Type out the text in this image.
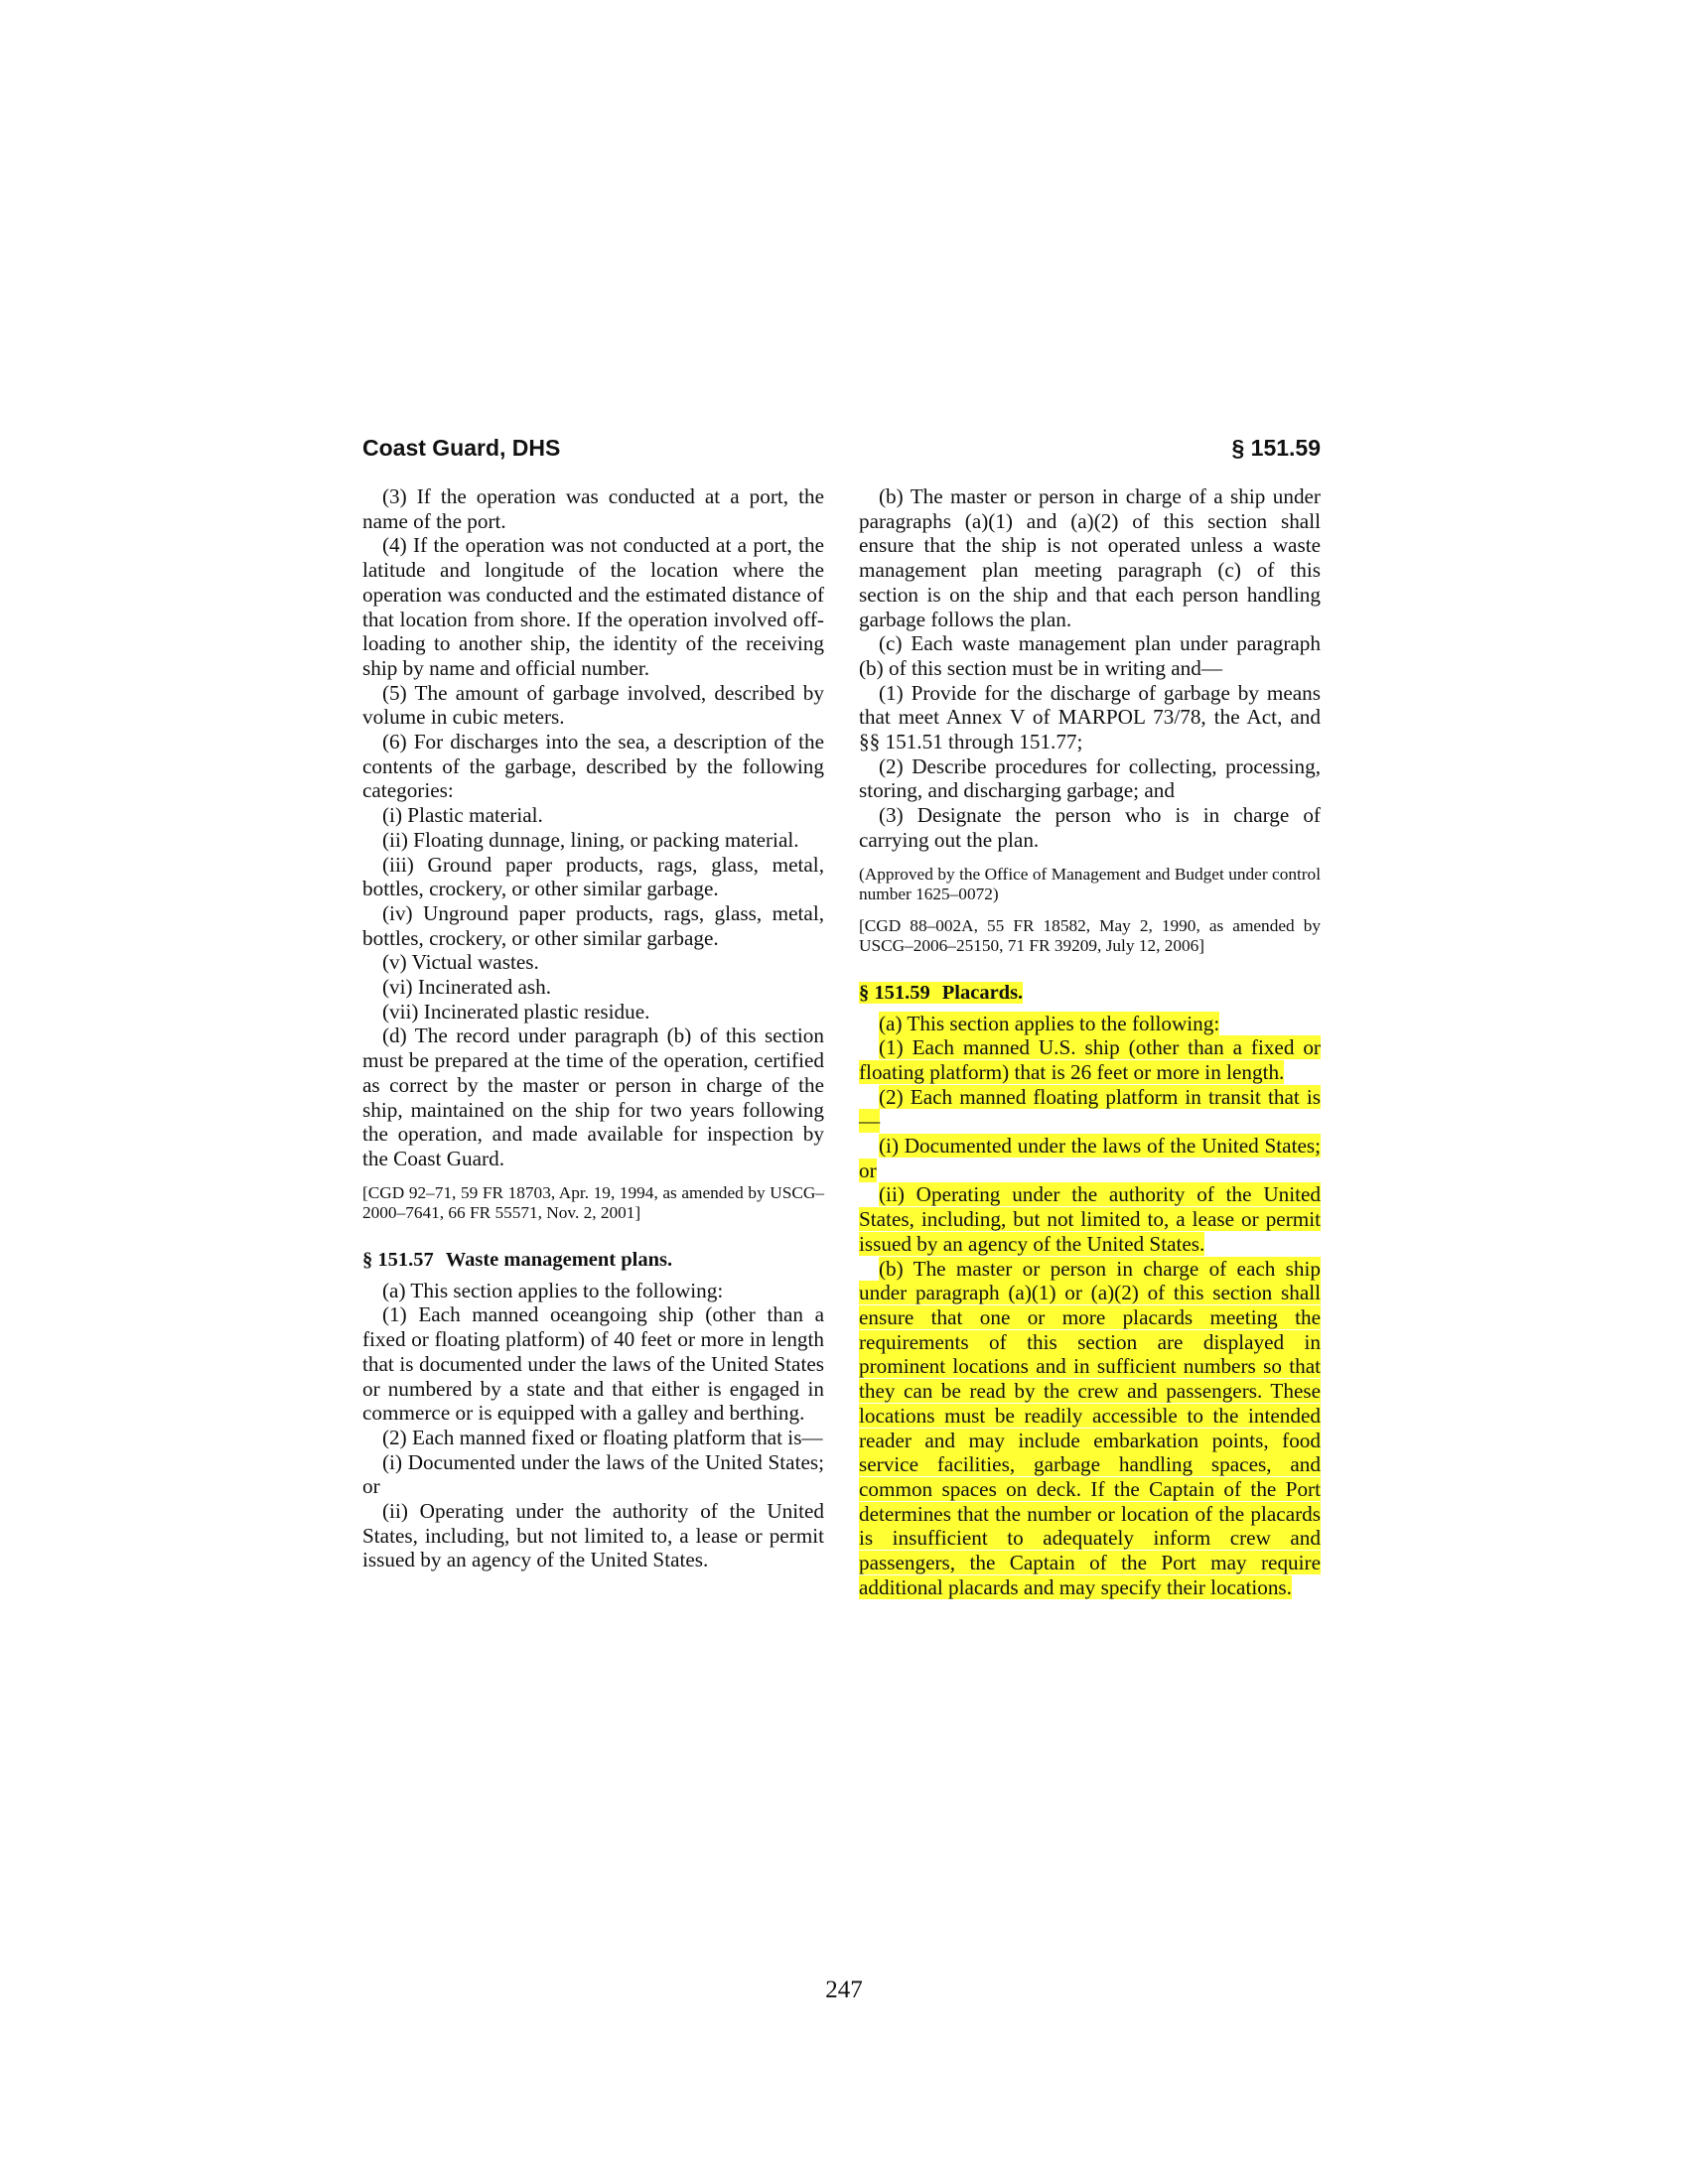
Coast Guard, DHS	§ 151.59

(3) If the operation was conducted at a port, the name of the port.

(4) If the operation was not conducted at a port, the latitude and longitude of the location where the operation was conducted and the estimated distance of that location from shore. If the operation involved off-loading to another ship, the identity of the receiving ship by name and official number.

(5) The amount of garbage involved, described by volume in cubic meters.

(6) For discharges into the sea, a description of the contents of the garbage, described by the following categories:

(i) Plastic material.

(ii) Floating dunnage, lining, or packing material.

(iii) Ground paper products, rags, glass, metal, bottles, crockery, or other similar garbage.

(iv) Unground paper products, rags, glass, metal, bottles, crockery, or other similar garbage.

(v) Victual wastes.

(vi) Incinerated ash.

(vii) Incinerated plastic residue.

(d) The record under paragraph (b) of this section must be prepared at the time of the operation, certified as correct by the master or person in charge of the ship, maintained on the ship for two years following the operation, and made available for inspection by the Coast Guard.

[CGD 92–71, 59 FR 18703, Apr. 19, 1994, as amended by USCG–2000–7641, 66 FR 55571, Nov. 2, 2001]

§ 151.57 Waste management plans.

(a) This section applies to the following:

(1) Each manned oceangoing ship (other than a fixed or floating platform) of 40 feet or more in length that is documented under the laws of the United States or numbered by a state and that either is engaged in commerce or is equipped with a galley and berthing.

(2) Each manned fixed or floating platform that is—

(i) Documented under the laws of the United States; or

(ii) Operating under the authority of the United States, including, but not limited to, a lease or permit issued by an agency of the United States.

(b) The master or person in charge of a ship under paragraphs (a)(1) and (a)(2) of this section shall ensure that the ship is not operated unless a waste management plan meeting paragraph (c) of this section is on the ship and that each person handling garbage follows the plan.

(c) Each waste management plan under paragraph (b) of this section must be in writing and—

(1) Provide for the discharge of garbage by means that meet Annex V of MARPOL 73/78, the Act, and §§ 151.51 through 151.77;

(2) Describe procedures for collecting, processing, storing, and discharging garbage; and

(3) Designate the person who is in charge of carrying out the plan.

(Approved by the Office of Management and Budget under control number 1625–0072)

[CGD 88–002A, 55 FR 18582, May 2, 1990, as amended by USCG–2006–25150, 71 FR 39209, July 12, 2006]

§ 151.59 Placards.

(a) This section applies to the following:

(1) Each manned U.S. ship (other than a fixed or floating platform) that is 26 feet or more in length.

(2) Each manned floating platform in transit that is—

(i) Documented under the laws of the United States; or

(ii) Operating under the authority of the United States, including, but not limited to, a lease or permit issued by an agency of the United States.

(b) The master or person in charge of each ship under paragraph (a)(1) or (a)(2) of this section shall ensure that one or more placards meeting the requirements of this section are displayed in prominent locations and in sufficient numbers so that they can be read by the crew and passengers. These locations must be readily accessible to the intended reader and may include embarkation points, food service facilities, garbage handling spaces, and common spaces on deck. If the Captain of the Port determines that the number or location of the placards is insufficient to adequately inform crew and passengers, the Captain of the Port may require additional placards and may specify their locations.

247
